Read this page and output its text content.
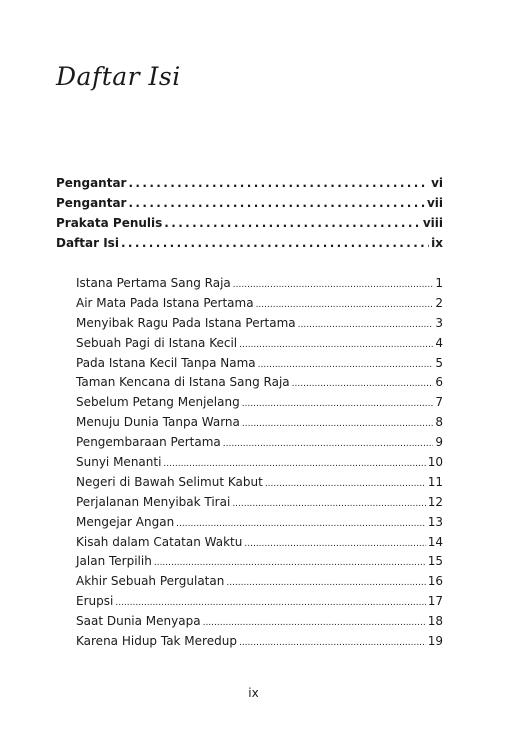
Daftar Isi
Pengantar .....	vi
Pengantar .....	vii
Prakata Penulis .....	viii
Daftar Isi .....	ix
Istana Pertama Sang Raja .....	1
Air Mata Pada Istana Pertama .....	2
Menyibak Ragu Pada Istana Pertama .....	3
Sebuah Pagi di Istana Kecil .....	4
Pada Istana Kecil Tanpa Nama .....	5
Taman Kencana di Istana Sang Raja .....	6
Sebelum Petang Menjelang .....	7
Menuju Dunia Tanpa Warna .....	8
Pengembaraan Pertama .....	9
Sunyi Menanti .....	10
Negeri di Bawah Selimut Kabut .....	11
Perjalanan Menyibak Tirai .....	12
Mengejar Angan .....	13
Kisah dalam Catatan Waktu .....	14
Jalan Terpilih .....	15
Akhir Sebuah Pergulatan .....	16
Erupsi .....	17
Saat Dunia Menyapa .....	18
Karena Hidup Tak Meredup .....	19
ix
